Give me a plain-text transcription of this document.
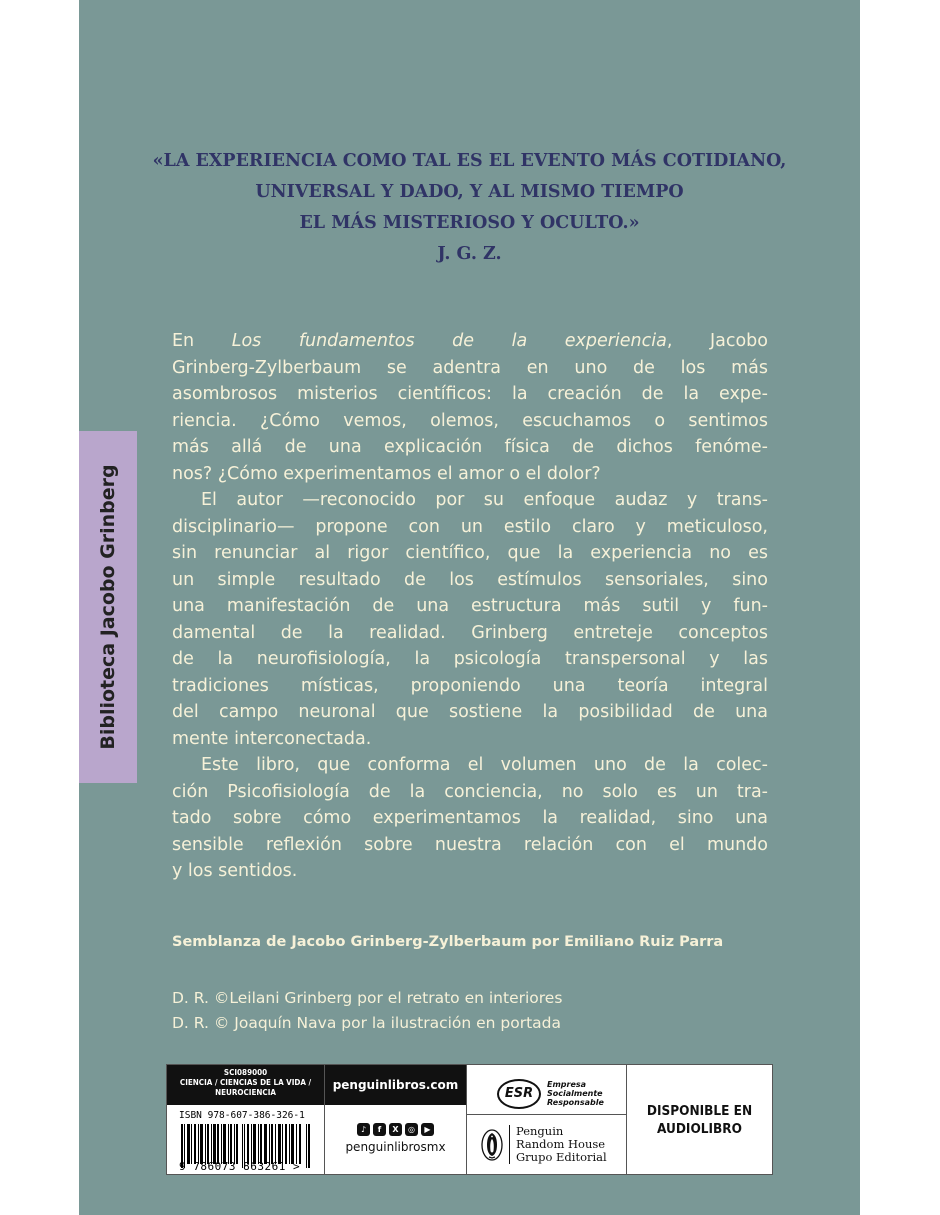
«LA EXPERIENCIA COMO TAL ES EL EVENTO MÁS COTIDIANO,
UNIVERSAL Y DADO, Y AL MISMO TIEMPO
EL MÁS MISTERIOSO Y OCULTO.»
J. G. Z.
Biblioteca Jacobo Grinberg
En Los fundamentos de la experiencia, Jacobo
Grinberg-Zylberbaum se adentra en uno de los más
asombrosos misterios científicos: la creación de la expe-
riencia. ¿Cómo vemos, olemos, escuchamos o sentimos
más allá de una explicación física de dichos fenóme-
nos? ¿Cómo experimentamos el amor o el dolor?
El autor —reconocido por su enfoque audaz y trans-
disciplinario— propone con un estilo claro y meticuloso,
sin renunciar al rigor científico, que la experiencia no es
un simple resultado de los estímulos sensoriales, sino
una manifestación de una estructura más sutil y fun-
damental de la realidad. Grinberg entreteje conceptos
de la neurofisiología, la psicología transpersonal y las
tradiciones místicas, proponiendo una teoría integral
del campo neuronal que sostiene la posibilidad de una
mente interconectada.
Este libro, que conforma el volumen uno de la colec-
ción Psicofisiología de la conciencia, no solo es un tra-
tado sobre cómo experimentamos la realidad, sino una
sensible reflexión sobre nuestra relación con el mundo
y los sentidos.
Semblanza de Jacobo Grinberg-Zylberbaum por Emiliano Ruiz Parra
D. R. ©Leilani Grinberg por el retrato en interiores
D. R. © Joaquín Nava por la ilustración en portada
SCI089000
CIENCIA / CIENCIAS DE LA VIDA /
NEUROCIENCIA
ISBN 978-607-386-326-1
9 786073 863261 >
penguinlibros.com
♪	f	X	◎	▶
penguinlibrosmx
ESR
Empresa
Socialmente
Responsable
Penguin
Random House
Grupo Editorial
DISPONIBLE EN
AUDIOLIBRO
